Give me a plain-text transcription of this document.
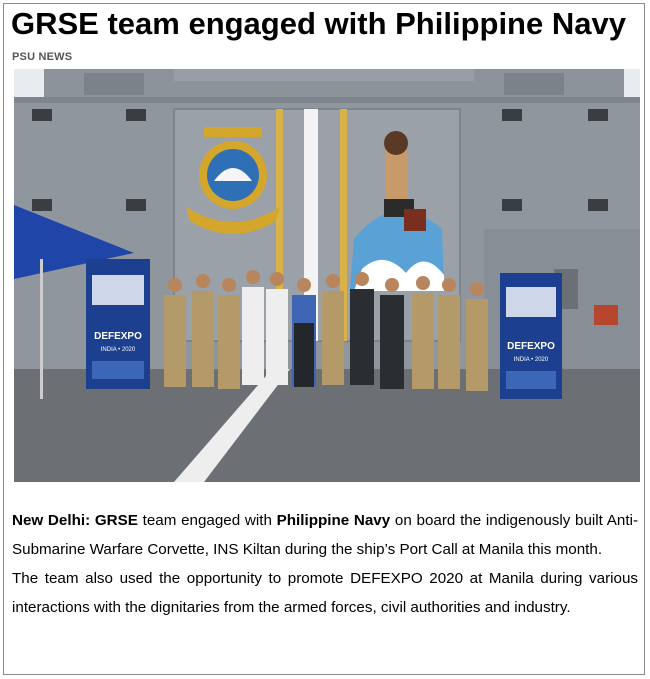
GRSE team engaged with Philippine Navy
PSU NEWS
DEFEXPO
INDIA • 2020	DEFEXPO
INDIA • 2020

New Delhi: GRSE team engaged with Philippine Navy on board the indigenously built Anti- Submarine Warfare Corvette, INS Kiltan during the ship’s Port Call at Manila this month.

The team also used the opportunity to promote DEFEXPO 2020 at Manila during various interactions with the dignitaries from the armed forces, civil authorities and industry.
